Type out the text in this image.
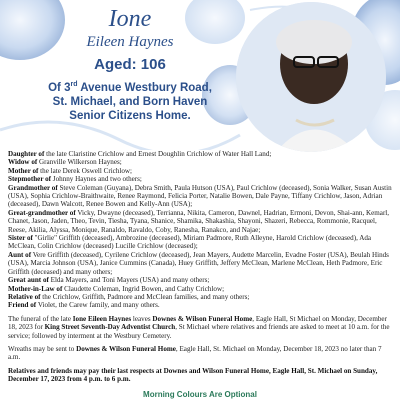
Ione
Eileen Haynes
Aged: 106
Of 3rd Avenue Westbury Road,
St. Michael, and Born Haven
Senior Citizens Home.

Daughter of the late Claristine Crichlow and Ernest Doughlin Crichlow of Water Hall Land;

Widow of Granville Wilkerson Haynes;

Mother of the late Derek Oswell Crichlow;

Stepmother of Johnny Haynes and two others;

Grandmother of Steve Coleman (Guyana), Debra Smith, Paula Hutson (USA), Paul Crichlow (deceased), Sonia Walker, Susan Austin (USA), Sophia Crichlow-Braithwaite, Renee Raymond, Felicia Porter, Natalie Bowen, Dale Payne, Tiffany Crichlow, Jason, Adrian (deceased), Dawn Walcott, Renee Bowen and Kelly-Ann (USA);

Great-grandmother of Vicky, Dwayne (deceased), Terrianna, Nikita, Cameron, Dawnel, Hadrian, Ermoni, Devon, Shai-ann, Kemarl, Chanet, Jason, Jaden, Theo, Tevin, Tiesha, Tyana, Shanice, Shamika, Shakashia, Shayoni, Shazeri, Rebecca, Rommonie, Racquel, Reese, Akilia, Alyssa, Monique, Ranaldo, Ravaldo, Coby, Ranesha, Ranakco, and Najae;

Sister of "Girlie" Griffith (deceased), Ambrozine (deceased), Miriam Padmore, Ruth Alleyne, Harold Crichlow (deceased), Ada McClean, Colin Crichlow (deceased) Lucille Crichlow (deceased);

Aunt of Vere Griffith (deceased), Cyrilene Crichlow (deceased), Jean Mayers, Audette Marcelin, Evadne Foster (USA), Beulah Hinds (USA), Marcia Johnson (USA), Janice Cummins (Canada), Huey Griffith, Jeffery McClean, Marlene McClean, Heth Padmore, Eric Griffith (deceased) and many others;

Great aunt of Elda Mayers, and Toni Mayers (USA) and many others;

Mother-in-Law of Claudette Coleman, Ingrid Bowen, and Cathy Crichlow;

Relative of the Crichlow, Griffith, Padmore and McClean families, and many others;

Friend of Violet, the Carew family, and many others.

The funeral of the late Ione Eileen Haynes leaves Downes & Wilson Funeral Home, Eagle Hall, St Michael on Monday, December 18, 2023 for King Street Seventh-Day Adventist Church, St Michael where relatives and friends are asked to meet at 10 a.m. for the service; followed by interment at the Westbury Cemetery.

Wreaths may be sent to Downes & Wilson Funeral Home, Eagle Hall, St. Michael on Monday, December 18, 2023 no later than 7 a.m.

Relatives and friends may pay their last respects at Downes and Wilson Funeral Home, Eagle Hall, St. Michael on Sunday, December 17, 2023 from 4 p.m. to 6 p.m.

Morning Colours Are Optional
